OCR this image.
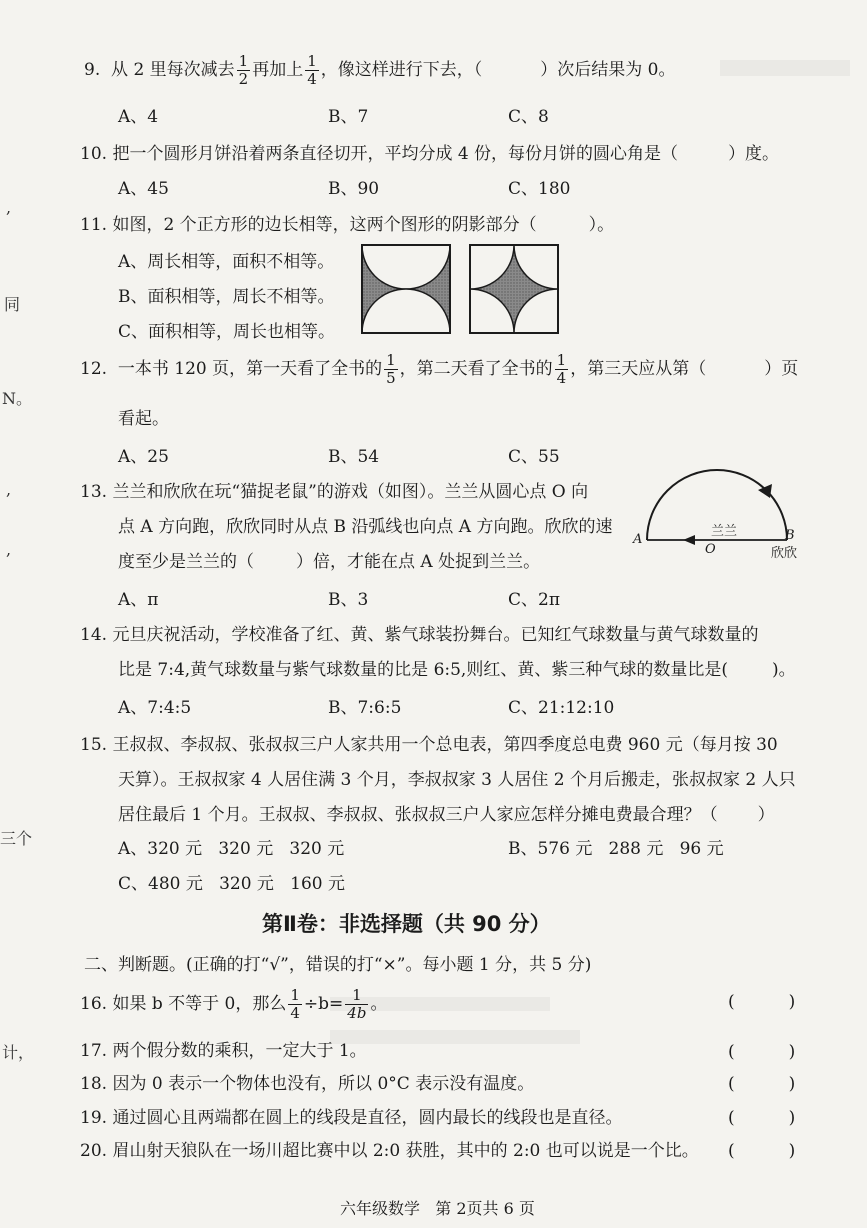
,
同
N。
,
,
三个
计，
9. 从 2 里每次减去 $\frac{1}{2}$ 再加上 $\frac{1}{4}$ ，像这样进行下去，（	）次后结果为 0。
A、4	B、7	C、8
10. 把一个圆形月饼沿着两条直径切开，平均分成 4 份，每份月饼的圆心角是（	）度。
A、45	B、90	C、180
11. 如图，2 个正方形的边长相等，这两个图形的阴影部分（	）。
A、周长相等，面积不相等。
B、面积相等，周长不相等。
C、面积相等，周长也相等。
12. 一本书 120 页，第一天看了全书的 $\frac{1}{5}$ ，第二天看了全书的 $\frac{1}{4}$ ，第三天应从第（	）页
看起。
A、25	B、54	C、55
13. 兰兰和欣欣在玩“猫捉老鼠”的游戏（如图）。兰兰从圆心点 O 向
点 A 方向跑，欣欣同时从点 B 沿弧线也向点 A 方向跑。欣欣的速
度至少是兰兰的（ ）倍，才能在点 A 处捉到兰兰。
A、π	B、3	C、2π
兰兰
A
O
B
欣欣
14. 元旦庆祝活动，学校准备了红、黄、紫气球装扮舞台。已知红气球数量与黄气球数量的
比是 7:4,黄气球数量与紫气球数量的比是 6:5,则红、黄、紫三种气球的数量比是(	)。
A、7:4:5	B、7:6:5	C、21:12:10
15. 王叔叔、李叔叔、张叔叔三户人家共用一个总电表，第四季度总电费 960 元（每月按 30
天算）。王叔叔家 4 人居住满 3 个月，李叔叔家 3 人居住 2 个月后搬走，张叔叔家 2 人只
居住最后 1 个月。王叔叔、李叔叔、张叔叔三户人家应怎样分摊电费最合理？（ ）
A、320 元   320 元   320 元	B、576 元   288 元   96 元
C、480 元   320 元   160 元
第Ⅱ卷：非选择题（共 90 分）
二、判断题。(正确的打“√”，错误的打“×”。每小题 1 分，共 5 分)
16. 如果 b 不等于 0，那么 $\frac{1}{4} \div b= \frac{1}{4b}$ 。	(          )
17. 两个假分数的乘积，一定大于 1。	(          )
18. 因为 0 表示一个物体也没有，所以 0°C 表示没有温度。	(          )
19. 通过圆心且两端都在圆上的线段是直径，圆内最长的线段也是直径。	(          )
20. 眉山射天狼队在一场川超比赛中以 2:0 获胜，其中的 2:0 也可以说是一个比。 (          )
六年级数学   第 2页共 6 页
